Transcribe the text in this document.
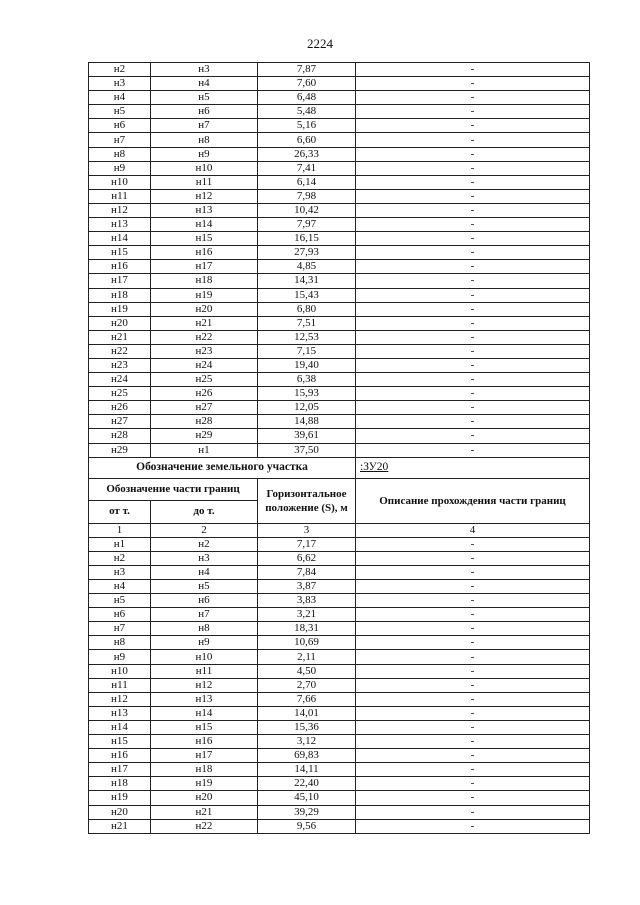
2224
н2	н3	7,87	-
н3	н4	7,60	-
н4	н5	6,48	-
н5	н6	5,48	-
н6	н7	5,16	-
н7	н8	6,60	-
н8	н9	26,33	-
н9	н10	7,41	-
н10	н11	6,14	-
н11	н12	7,98	-
н12	н13	10,42	-
н13	н14	7,97	-
н14	н15	16,15	-
н15	н16	27,93	-
н16	н17	4,85	-
н17	н18	14,31	-
н18	н19	15,43	-
н19	н20	6,80	-
н20	н21	7,51	-
н21	н22	12,53	-
н22	н23	7,15	-
н23	н24	19,40	-
н24	н25	6,38	-
н25	н26	15,93	-
н26	н27	12,05	-
н27	н28	14,88	-
н28	н29	39,61	-
н29	н1	37,50	-
Обозначение земельного участка			:ЗУ20
Обозначение части границ		Горизонтальное положение (S), м	Описание прохождения части границ
от т.	до т.		
1	2	3	4
н1	н2	7,17	-
н2	н3	6,62	-
н3	н4	7,84	-
н4	н5	3,87	-
н5	н6	3,83	-
н6	н7	3,21	-
н7	н8	18,31	-
н8	н9	10,69	-
н9	н10	2,11	-
н10	н11	4,50	-
н11	н12	2,70	-
н12	н13	7,66	-
н13	н14	14,01	-
н14	н15	15,36	-
н15	н16	3,12	-
н16	н17	69,83	-
н17	н18	14,11	-
н18	н19	22,40	-
н19	н20	45,10	-
н20	н21	39,29	-
н21	н22	9,56	-
